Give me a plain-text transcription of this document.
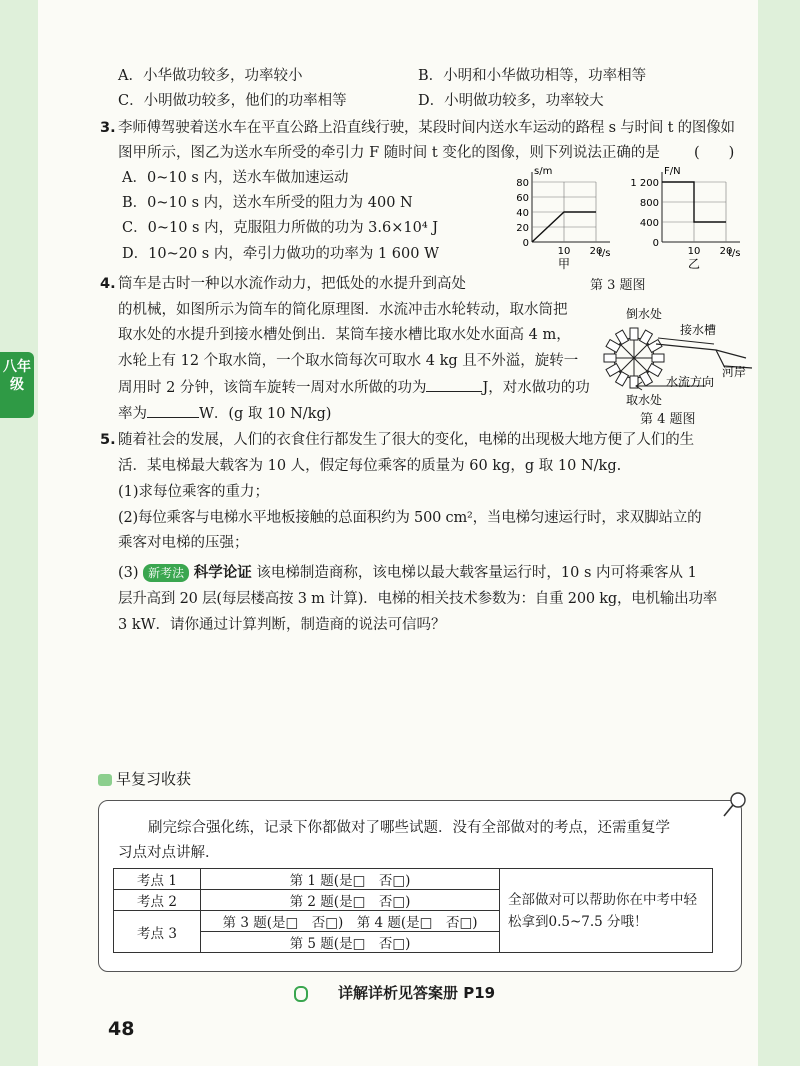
八年级
A．小华做功较多，功率较小	B．小明和小华做功相等，功率相等
C．小明做功较多，他们的功率相等	D．小明做功较多，功率较大
3. 李师傅驾驶着送水车在平直公路上沿直线行驶，某段时间内送水车运动的路程 s 与时间 t 的图像如
图甲所示，图乙为送水车所受的牵引力 F 随时间 t 变化的图像，则下列说法正确的是 (　　)
A．0~10 s 内，送水车做加速运动
B．0~10 s 内，送水车所受的阻力为 400 N
C．0~10 s 内，克服阻力所做的功为 3.6×10⁴ J
D．10~20 s 内，牵引力做功的功率为 1 600 W
s/m
t/s
0
20
40
60
80
10 20
甲
F/N
t/s
0
400
800
1 200
10 20
乙
第 3 题图
4. 筒车是古时一种以水流作动力，把低处的水提升到高处
的机械，如图所示为筒车的简化原理图．水流冲击水轮转动，取水筒把
取水处的水提升到接水槽处倒出．某筒车接水槽比取水处水面高 4 m，
水轮上有 12 个取水筒，一个取水筒每次可取水 4 kg 且不外溢，旋转一
周用时 2 分钟，该筒车旋转一周对水所做的功为	J，对水做功的功
率为	W．(g 取 10 N/kg)
倒水处
接水槽
河岸
水流方向
取水处
第 4 题图
5. 随着社会的发展，人们的衣食住行都发生了很大的变化，电梯的出现极大地方便了人们的生
活．某电梯最大载客为 10 人，假定每位乘客的质量为 60 kg，g 取 10 N/kg.
(1)求每位乘客的重力；
(2)每位乘客与电梯水平地板接触的总面积约为 500 cm²，当电梯匀速运行时，求双脚站立的
乘客对电梯的压强；
(3) 新考法 科学论证 该电梯制造商称，该电梯以最大载客量运行时，10 s 内可将乘客从 1
层升高到 20 层(每层楼高按 3 m 计算)．电梯的相关技术参数为：自重 200 kg，电机输出功率
3 kW．请你通过计算判断，制造商的说法可信吗？
早复习收获
刷完综合强化练，记录下你都做对了哪些试题．没有全部做对的考点，还需重复学
习点对点讲解．
考点 1	第 1 题(是□　否□)	全部做对可以帮助你在中考中轻
松拿到0.5~7.5 分哦！

考点 2	第 2 题(是□　否□)	
考点 3	第 3 题(是□　否□)　第 4 题(是□　否□)	
	第 5 题(是□　否□)	
详解详析见答案册 P19
48
